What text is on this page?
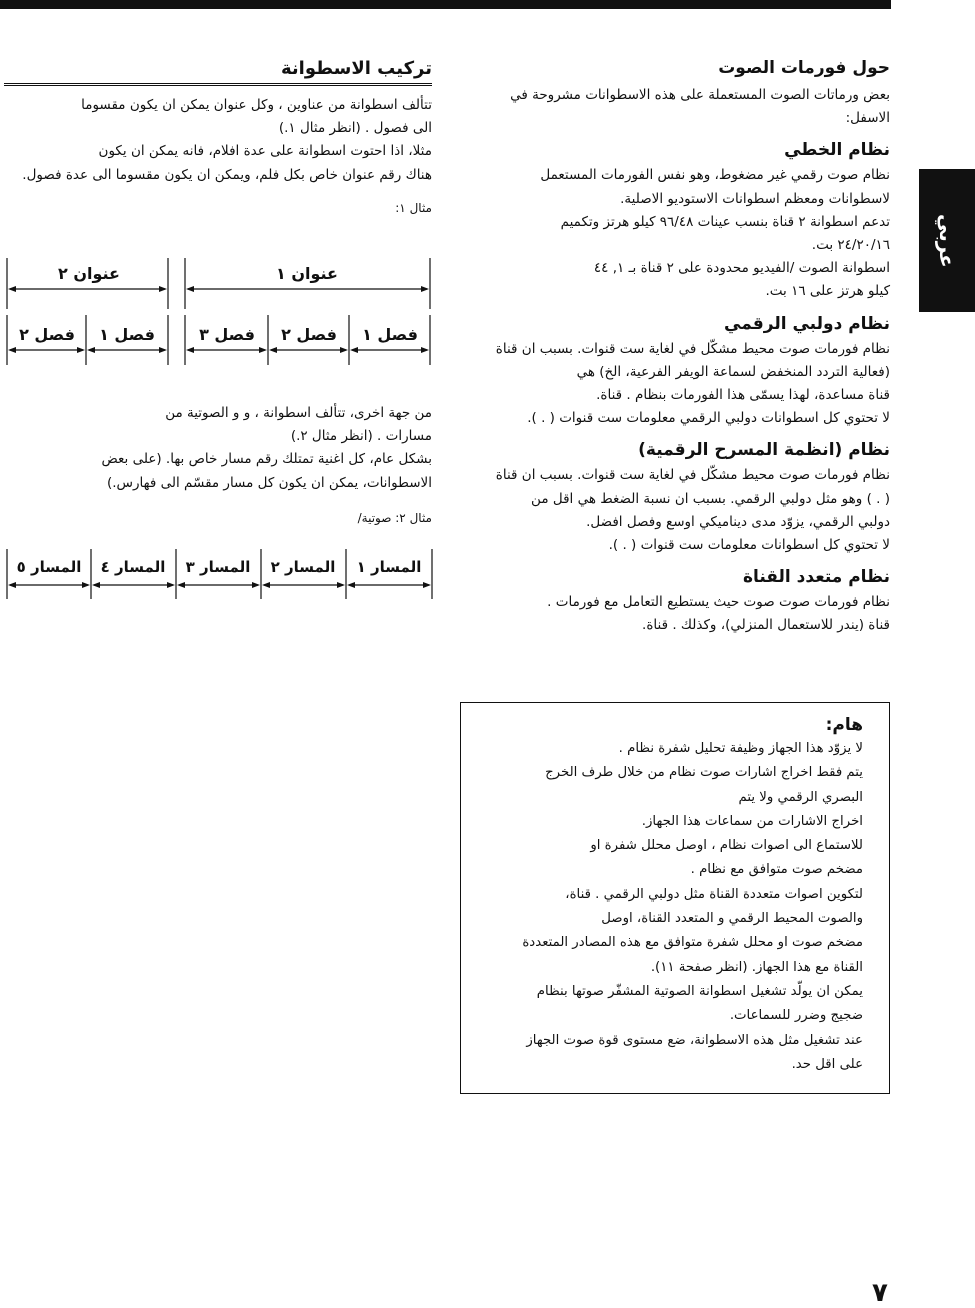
عربي
حول فورمات الصوت

بعض ورماتات الصوت المستعملة على هذه الاسطوانات مشروحة في

الاسفل:

نظام الخطي

نظام صوت رقمي غير مضغوط، وهو نفس الفورمات المستعمل

لاسطوانات ومعظم اسطوانات الاستوديو الاصلية.

تدعم اسطوانة ٢ قناة بنسب عينات ٩٦/٤٨ كيلو هرتز وتكميم

٢٤/٢٠/١٦ بت.

اسطوانة الصوت /الفيديو محدودة على ٢ قناة بـ ١, ٤٤

كيلو هرتز على ١٦ بت.

نظام دولبي الرقمي

نظام فورمات صوت محيط مشكّل في لغاية ست قنوات. بسبب ان قناة

(فعالية التردد المنخفض لسماعة الويفر الفرعية، الخ) هي

قناة مساعدة، لهذا يسمّى هذا الفورمات بنظام . قناة.

لا تحتوي كل اسطوانات دولبي الرقمي معلومات ست قنوات ( . ).

نظام (انظمة المسرح الرقمية)

نظام فورمات صوت محيط مشكّل في لغاية ست قنوات. بسبب ان قناة

( . ) وهو مثل دولبي الرقمي. بسبب ان نسبة الضغط هي اقل من

دولبي الرقمي، يزوّد مدى ديناميكي اوسع وفصل افضل.

لا تحتوي كل اسطوانات معلومات ست قنوات ( . ).

نظام متعدد القناة

نظام فورمات صوت صوت حيث يستطيع التعامل مع فورمات .

قناة (يندر للاستعمال المنزلي)، وكذلك . قناة.

هام:

لا يزوّد هذا الجهاز وظيفة تحليل شفرة نظام .

يتم فقط اخراج اشارات صوت نظام من خلال طرف الخرج

البصري الرقمي ولا يتم

اخراج الاشارات من سماعات هذا الجهاز.

للاستماع الى اصوات نظام ، اوصل محلل شفرة او

مضخم صوت متوافق مع نظام .

لتكوين اصوات متعددة القناة مثل دولبي الرقمي . قناة،

والصوت المحيط الرقمي و المتعدد القناة، اوصل

مضخم صوت او محلل شفرة متوافق مع هذه المصادر المتعددة

القناة مع هذا الجهاز. (انظر صفحة ١١).

يمكن ان يولّد تشغيل اسطوانة الصوتية المشفّر صوتها بنظام

ضجيج وضرر للسماعات.

عند تشغيل مثل هذه الاسطوانة، ضع مستوى قوة صوت الجهاز

على اقل حد.

تركيب الاسطوانة

تتألف اسطوانة من عناوين ، وكل عنوان يمكن ان يكون مقسوما

الى فصول . (انظر مثال ١.)

مثلا، اذا احتوت اسطوانة على عدة افلام، فانه يمكن ان يكون

هناك رقم عنوان خاص بكل فلم، ويمكن ان يكون مقسوما الى عدة فصول.

مثال ١:

عنوان ٢	عنوان ١
فصل ٢ فصل ١	فصل ٣ فصل ٢ فصل ١

من جهة اخرى، تتألف اسطوانة ، و و الصوتية من

مسارات . (انظر مثال ٢.)

بشكل عام، كل اغنية تمتلك رقم مسار خاص بها. (على بعض

الاسطوانات، يمكن ان يكون كل مسار مقسّم الى فهارس.)

مثال ٢: صوتية/

المسار ٥ المسار ٤ المسار ٣ المسار ٢ المسار ١
٧
